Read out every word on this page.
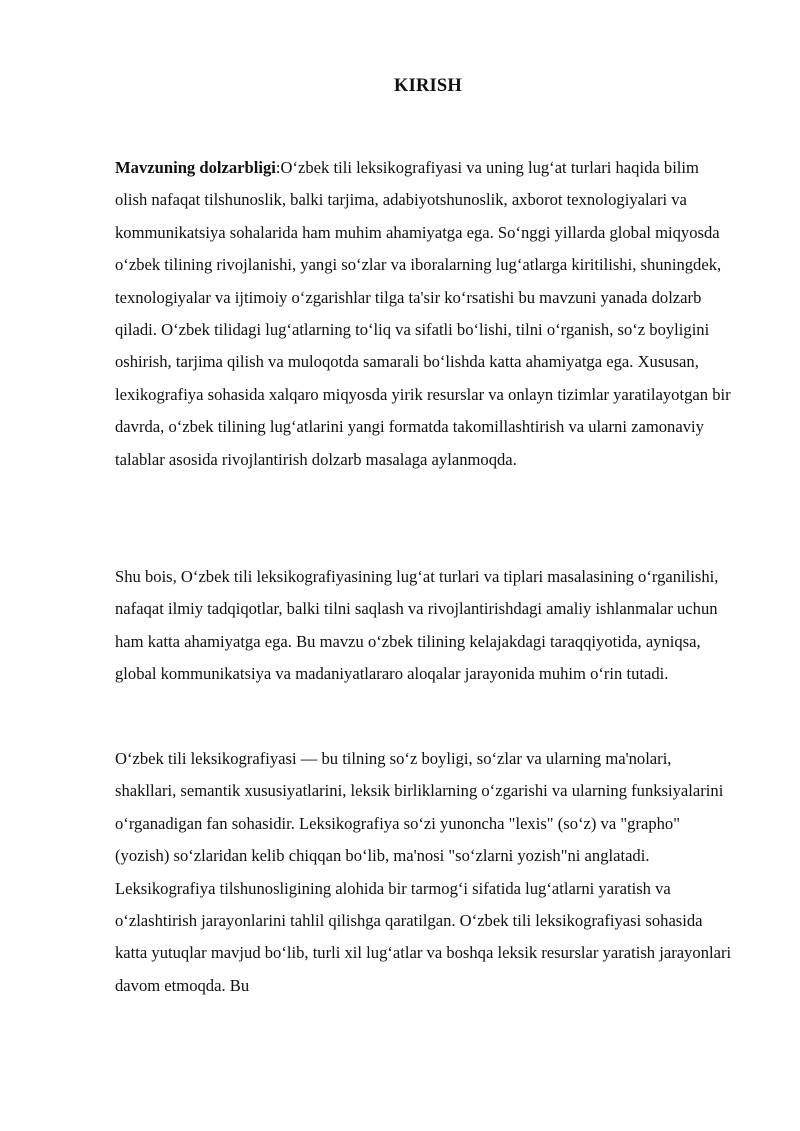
KIRISH

Mavzuning dolzarbligi:O‘zbek tili leksikografiyasi va uning lug‘at turlari haqida bilim olish nafaqat tilshunoslik, balki tarjima, adabiyotshunoslik, axborot texnologiyalari va kommunikatsiya sohalarida ham muhim ahamiyatga ega. So‘nggi yillarda global miqyosda o‘zbek tilining rivojlanishi, yangi so‘zlar va iboralarning lug‘atlarga kiritilishi, shuningdek, texnologiyalar va ijtimoiy o‘zgarishlar tilga ta'sir ko‘rsatishi bu mavzuni yanada dolzarb qiladi. O‘zbek tilidagi lug‘atlarning to‘liq va sifatli bo‘lishi, tilni o‘rganish, so‘z boyligini oshirish, tarjima qilish va muloqotda samarali bo‘lishda katta ahamiyatga ega. Xususan, lexikografiya sohasida xalqaro miqyosda yirik resurslar va onlayn tizimlar yaratilayotgan bir davrda, o‘zbek tilining lug‘atlarini yangi formatda takomillashtirish va ularni zamonaviy talablar asosida rivojlantirish dolzarb masalaga aylanmoqda.

Shu bois, O‘zbek tili leksikografiyasining lug‘at turlari va tiplari masalasining o‘rganilishi, nafaqat ilmiy tadqiqotlar, balki tilni saqlash va rivojlantirishdagi amaliy ishlanmalar uchun ham katta ahamiyatga ega. Bu mavzu o‘zbek tilining kelajakdagi taraqqiyotida, ayniqsa, global kommunikatsiya va madaniyatlararo aloqalar jarayonida muhim o‘rin tutadi.

O‘zbek tili leksikografiyasi — bu tilning so‘z boyligi, so‘zlar va ularning ma'nolari, shakllari, semantik xususiyatlarini, leksik birliklarning o‘zgarishi va ularning funksiyalarini o‘rganadigan fan sohasidir. Leksikografiya so‘zi yunoncha "lexis" (so‘z) va "grapho" (yozish) so‘zlaridan kelib chiqqan bo‘lib, ma'nosi "so‘zlarni yozish"ni anglatadi. Leksikografiya tilshunosligining alohida bir tarmog‘i sifatida lug‘atlarni yaratish va o‘zlashtirish jarayonlarini tahlil qilishga qaratilgan. O‘zbek tili leksikografiyasi sohasida katta yutuqlar mavjud bo‘lib, turli xil lug‘atlar va boshqa leksik resurslar yaratish jarayonlari davom etmoqda. Bu
